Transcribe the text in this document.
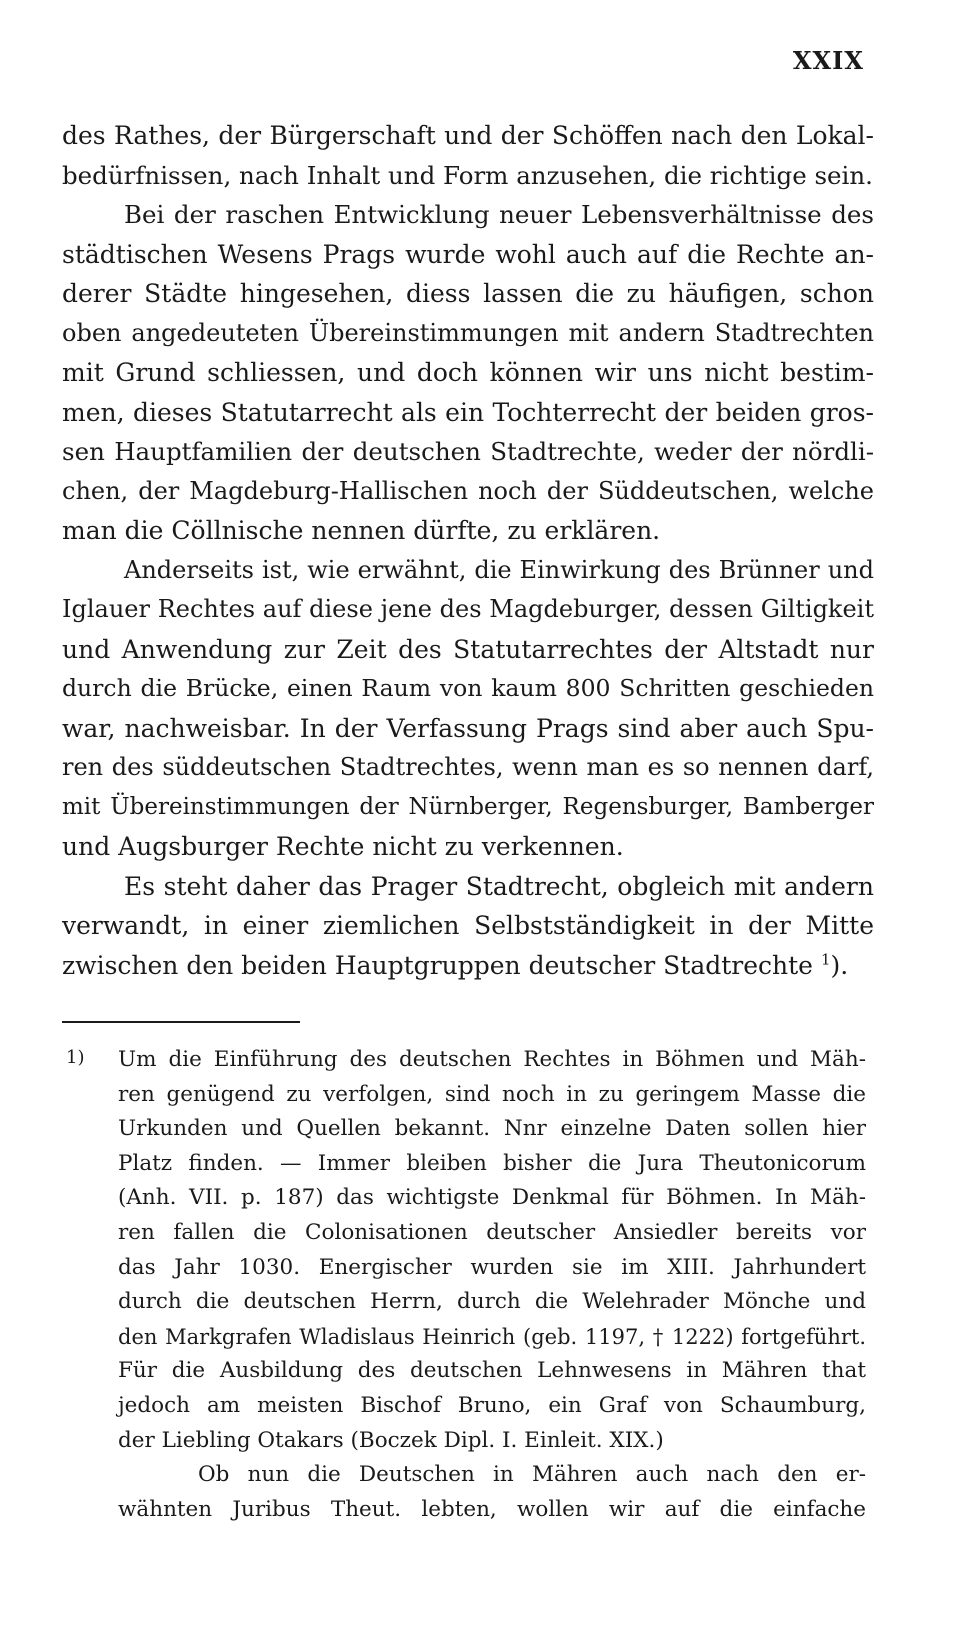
XXIX
des Rathes, der Bürgerschaft und der Schöffen nach den Lokal-
bedürfnissen, nach Inhalt und Form anzusehen, die richtige sein.
Bei der raschen Entwicklung neuer Lebensverhältnisse des
städtischen Wesens Prags wurde wohl auch auf die Rechte an-
derer Städte hingesehen, diess lassen die zu häufigen, schon
oben angedeuteten Übereinstimmungen mit andern Stadtrechten
mit Grund schliessen, und doch können wir uns nicht bestim-
men, dieses Statutarrecht als ein Tochterrecht der beiden gros-
sen Hauptfamilien der deutschen Stadtrechte, weder der nördli-
chen, der Magdeburg-Hallischen noch der Süddeutschen, welche
man die Cöllnische nennen dürfte, zu erklären.
Anderseits ist, wie erwähnt, die Einwirkung des Brünner und
Iglauer Rechtes auf diese jene des Magdeburger, dessen Giltigkeit
und Anwendung zur Zeit des Statutarrechtes der Altstadt nur
durch die Brücke, einen Raum von kaum 800 Schritten geschieden
war, nachweisbar. In der Verfassung Prags sind aber auch Spu-
ren des süddeutschen Stadtrechtes, wenn man es so nennen darf,
mit Übereinstimmungen der Nürnberger, Regensburger, Bamberger
und Augsburger Rechte nicht zu verkennen.
Es steht daher das Prager Stadtrecht, obgleich mit andern
verwandt, in einer ziemlichen Selbstständigkeit in der Mitte
zwischen den beiden Hauptgruppen deutscher Stadtrechte $^1$).
1) Um die Einführung des deutschen Rechtes in Böhmen und Mäh-
ren genügend zu verfolgen, sind noch in zu geringem Masse die
Urkunden und Quellen bekannt. Nnr einzelne Daten sollen hier
Platz finden. — Immer bleiben bisher die Jura Theutonicorum
(Anh. VII. p. 187) das wichtigste Denkmal für Böhmen. In Mäh-
ren fallen die Colonisationen deutscher Ansiedler bereits vor
das Jahr 1030. Energischer wurden sie im XIII. Jahrhundert
durch die deutschen Herrn, durch die Welehrader Mönche und
den Markgrafen Wladislaus Heinrich (geb. 1197, † 1222) fortgeführt.
Für die Ausbildung des deutschen Lehnwesens in Mähren that
jedoch am meisten Bischof Bruno, ein Graf von Schaumburg,
der Liebling Otakars (Boczek Dipl. I. Einleit. XIX.)
Ob nun die Deutschen in Mähren auch nach den er-
wähnten Juribus Theut. lebten, wollen wir auf die einfache
